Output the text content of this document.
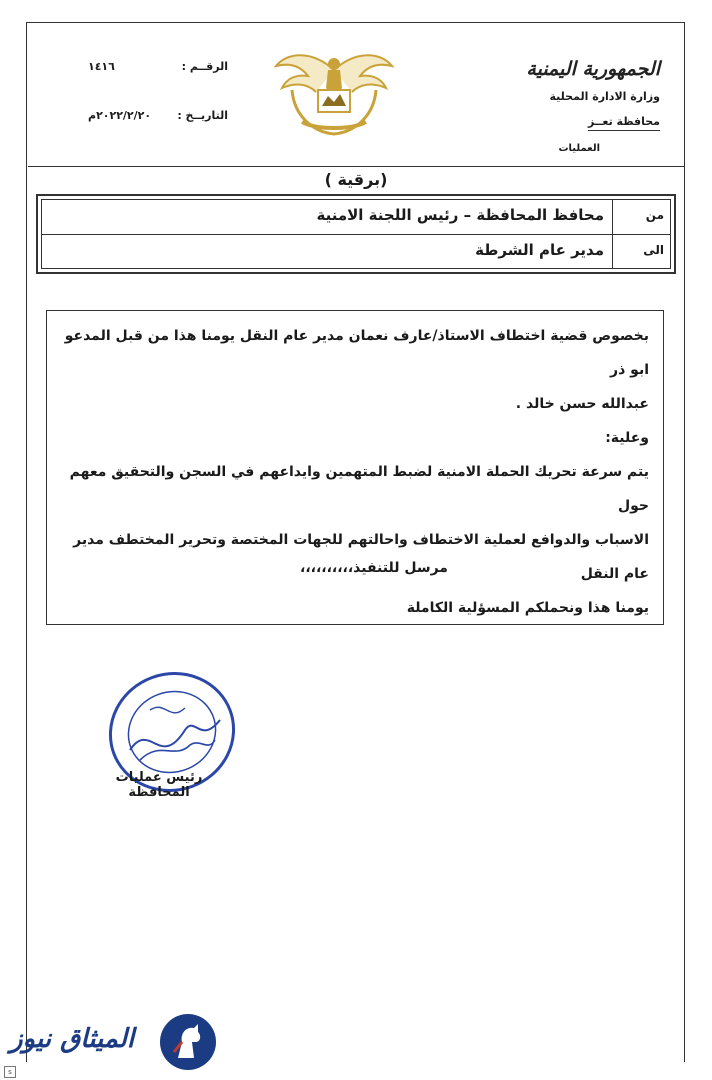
الجمهورية اليمنية
وزارة الادارة المحلية
محافظة تعــز
العمليات
الرقــم :
١٤١٦
التاريــخ :
٢٠٢٢/٢/٢٠م
(برقية )
من
محافظ المحافظة – رئيس اللجنة الامنية
الى
مدير عام الشرطة

بخصوص قضية اختطاف الاستاذ/عارف نعمان مدير عام النقل يومنا هذا من قبل المدعو ابو ذر

عبدالله حسن خالد .

وعلية:

يتم سرعة تحريك الحملة الامنية لضبط المتهمين وايداعهم في السجن والتحقيق معهم حول

الاسباب والدوافع لعملية الاختطاف واحالتهم للجهات المختصة وتحرير المختطف مدير عام النقل

يومنا هذا ونحملكم المسؤلية الكاملة

مرسل للتنفيذ،،،،،،،،،،
رئيس عمليات المحافظة
الميثاق نيوز
s
